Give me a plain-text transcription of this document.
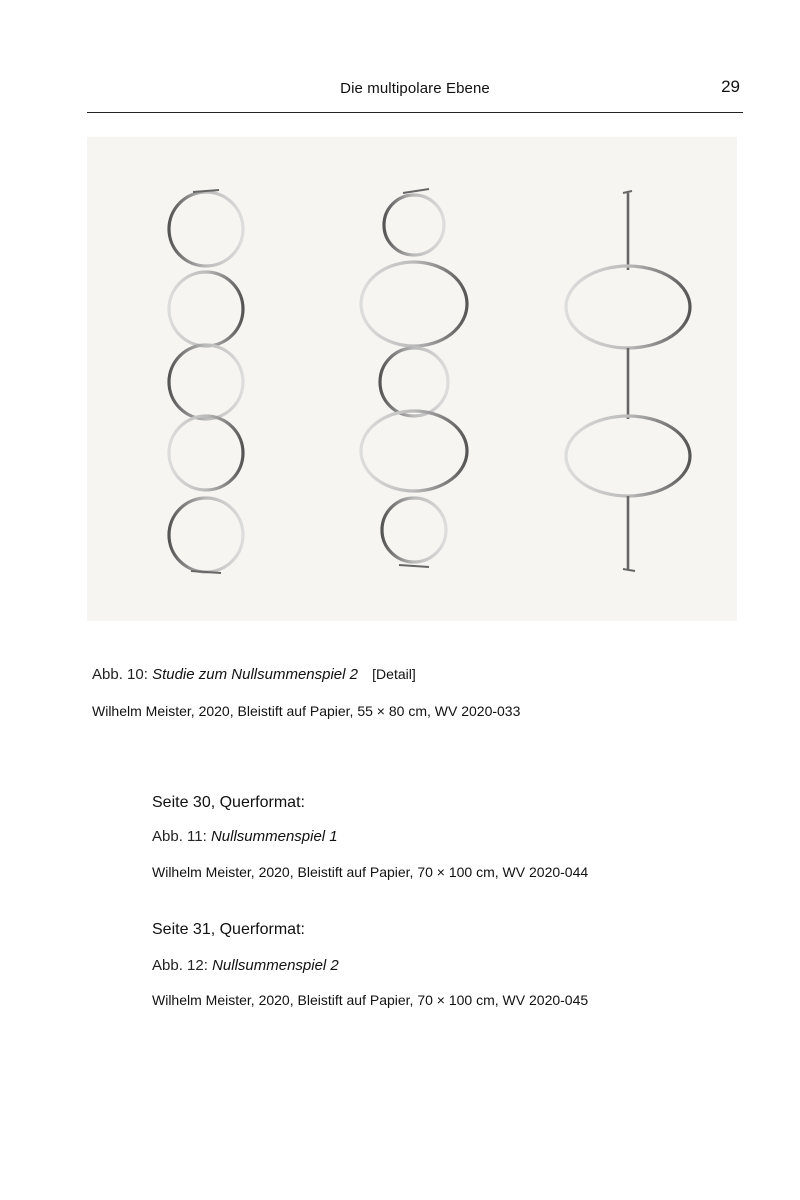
Die multipolare Ebene	29
Abb. 10: Studie zum Nullsummenspiel 2 [Detail]
Wilhelm Meister, 2020, Bleistift auf Papier, 55 × 80 cm, WV 2020-033
Seite 30, Querformat:
Abb. 11: Nullsummenspiel 1
Wilhelm Meister, 2020, Bleistift auf Papier, 70 × 100 cm, WV 2020-044
Seite 31, Querformat:
Abb. 12: Nullsummenspiel 2
Wilhelm Meister, 2020, Bleistift auf Papier, 70 × 100 cm, WV 2020-045
